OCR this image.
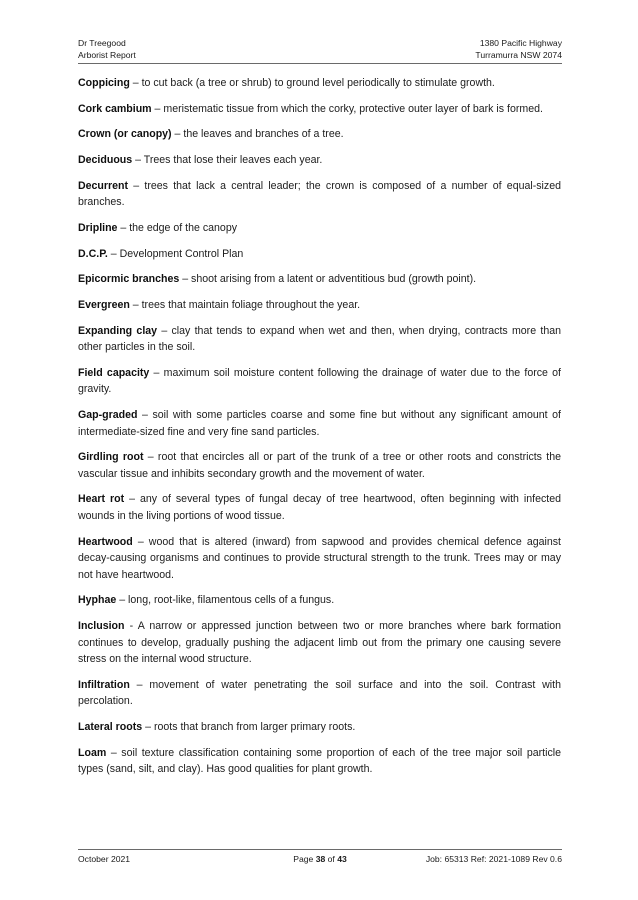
Dr Treegood
Arborist Report
1380 Pacific Highway
Turramurra NSW 2074

Coppicing – to cut back (a tree or shrub) to ground level periodically to stimulate growth.

Cork cambium – meristematic tissue from which the corky, protective outer layer of bark is formed.

Crown (or canopy) – the leaves and branches of a tree.

Deciduous – Trees that lose their leaves each year.

Decurrent – trees that lack a central leader; the crown is composed of a number of equal-sized branches.

Dripline – the edge of the canopy

D.C.P. – Development Control Plan

Epicormic branches – shoot arising from a latent or adventitious bud (growth point).

Evergreen – trees that maintain foliage throughout the year.

Expanding clay – clay that tends to expand when wet and then, when drying, contracts more than other particles in the soil.

Field capacity – maximum soil moisture content following the drainage of water due to the force of gravity.

Gap-graded – soil with some particles coarse and some fine but without any significant amount of intermediate-sized fine and very fine sand particles.

Girdling root – root that encircles all or part of the trunk of a tree or other roots and constricts the vascular tissue and inhibits secondary growth and the movement of water.

Heart rot – any of several types of fungal decay of tree heartwood, often beginning with infected wounds in the living portions of wood tissue.

Heartwood – wood that is altered (inward) from sapwood and provides chemical defence against decay-causing organisms and continues to provide structural strength to the trunk. Trees may or may not have heartwood.

Hyphae – long, root-like, filamentous cells of a fungus.

Inclusion - A narrow or appressed junction between two or more branches where bark formation continues to develop, gradually pushing the adjacent limb out from the primary one causing severe stress on the internal wood structure.

Infiltration – movement of water penetrating the soil surface and into the soil. Contrast with percolation.

Lateral roots – roots that branch from larger primary roots.

Loam – soil texture classification containing some proportion of each of the tree major soil particle types (sand, silt, and clay). Has good qualities for plant growth.

October 2021	Page 38 of 43	Job: 65313 Ref: 2021-1089 Rev 0.6
